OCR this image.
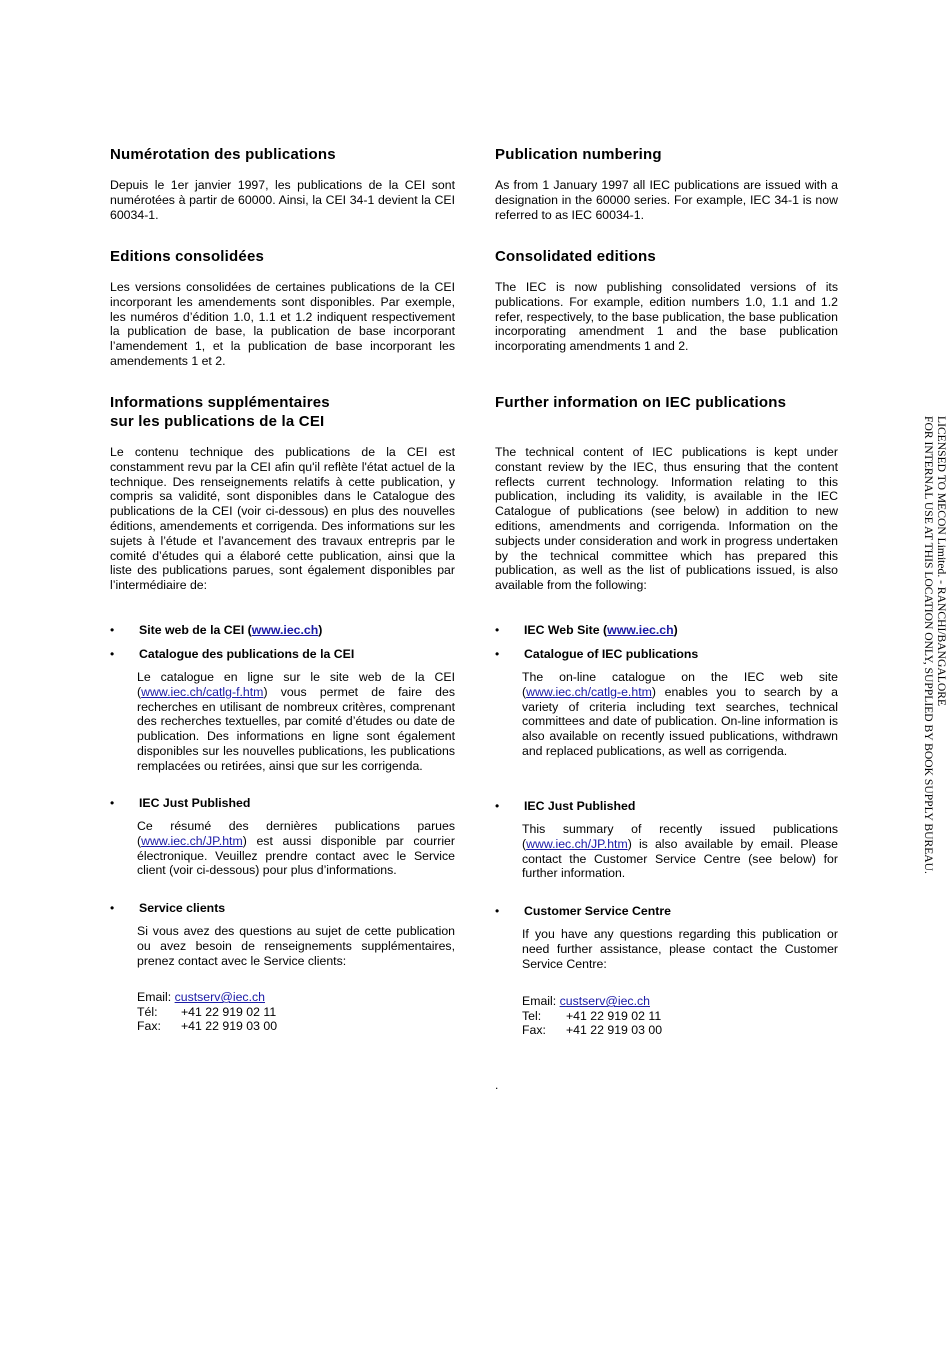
Numérotation des publications

Depuis le 1er janvier 1997, les publications de la CEI sont numérotées à partir de 60000. Ainsi, la CEI 34-1 devient la CEI 60034-1.

Editions consolidées

Les versions consolidées de certaines publications de la CEI incorporant les amendements sont disponibles. Par exemple, les numéros d’édition 1.0, 1.1 et 1.2 indiquent respectivement la publication de base, la publication de base incorporant l’amendement 1, et la publication de base incorporant les amendements 1 et 2.

Informations supplémentaires
sur les publications de la CEI

Le contenu technique des publications de la CEI est constamment revu par la CEI afin qu'il reflète l'état actuel de la technique. Des renseignements relatifs à cette publication, y compris sa validité, sont disponibles dans le Catalogue des publications de la CEI (voir ci-dessous) en plus des nouvelles éditions, amendements et corrigenda. Des informations sur les sujets à l’étude et l’avancement des travaux entrepris par le comité d’études qui a élaboré cette publication, ainsi que la liste des publications parues, sont également disponibles par l’intermédiaire de:

• Site web de la CEI (www.iec.ch)
• Catalogue des publications de la CEI

Le catalogue en ligne sur le site web de la CEI (www.iec.ch/catlg-f.htm) vous permet de faire des recherches en utilisant de nombreux critères, comprenant des recherches textuelles, par comité d’études ou date de publication. Des informations en ligne sont également disponibles sur les nouvelles publications, les publications remplacées ou retirées, ainsi que sur les corrigenda.

• IEC Just Published

Ce résumé des dernières publications parues (www.iec.ch/JP.htm) est aussi disponible par courrier électronique. Veuillez prendre contact avec le Service client (voir ci-dessous) pour plus d’informations.

• Service clients

Si vous avez des questions au sujet de cette publication ou avez besoin de renseignements supplémentaires, prenez contact avec le Service clients:

Email: custserv@iec.ch
Tél: +41 22 919 02 11
Fax: +41 22 919 03 00
Publication numbering

As from 1 January 1997 all IEC publications are issued with a designation in the 60000 series. For example, IEC 34-1 is now referred to as IEC 60034-1.

Consolidated editions

The IEC is now publishing consolidated versions of its publications. For example, edition numbers 1.0, 1.1 and 1.2 refer, respectively, to the base publication, the base publication incorporating amendment 1 and the base publication incorporating amendments 1 and 2.

Further information on IEC publications

The technical content of IEC publications is kept under constant review by the IEC, thus ensuring that the content reflects current technology. Information relating to this publication, including its validity, is available in the IEC Catalogue of publications (see below) in addition to new editions, amendments and corrigenda. Information on the subjects under consideration and work in progress undertaken by the technical committee which has prepared this publication, as well as the list of publications issued, is also available from the following:

• IEC Web Site (www.iec.ch)
• Catalogue of IEC publications

The on-line catalogue on the IEC web site (www.iec.ch/catlg-e.htm) enables you to search by a variety of criteria including text searches, technical committees and date of publication. On-line information is also available on recently issued publications, withdrawn and replaced publications, as well as corrigenda.

• IEC Just Published

This summary of recently issued publications (www.iec.ch/JP.htm) is also available by email. Please contact the Customer Service Centre (see below) for further information.

• Customer Service Centre

If you have any questions regarding this publication or need further assistance, please contact the Customer Service Centre:

Email: custserv@iec.ch
Tel: +41 22 919 02 11
Fax: +41 22 919 03 00
.
LICENSED TO MECON Limited. - RANCHI/BANGALORE
FOR INTERNAL USE AT THIS LOCATION ONLY, SUPPLIED BY BOOK SUPPLY BUREAU.
